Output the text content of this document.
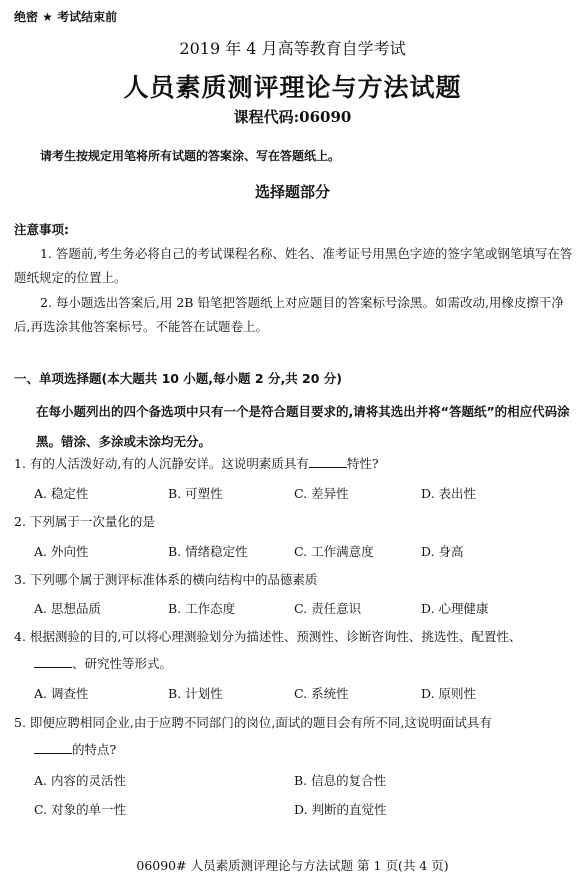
绝密 ★ 考试结束前
2019 年 4 月高等教育自学考试
人员素质测评理论与方法试题
课程代码:06090
请考生按规定用笔将所有试题的答案涂、写在答题纸上。
选择题部分
注意事项:
1. 答题前,考生务必将自己的考试课程名称、姓名、准考证号用黑色字迹的签字笔或钢笔填写在答题纸规定的位置上。
2. 每小题选出答案后,用 2B 铅笔把答题纸上对应题目的答案标号涂黑。如需改动,用橡皮擦干净后,再选涂其他答案标号。不能答在试题卷上。
一、单项选择题(本大题共 10 小题,每小题 2 分,共 20 分)
在每小题列出的四个备选项中只有一个是符合题目要求的,请将其选出并将“答题纸”的相应代码涂黑。错涂、多涂或未涂均无分。
1. 有的人活泼好动,有的人沉静安详。这说明素质具有	特性?
A. 稳定性	B. 可塑性	C. 差异性	D. 表出性
2. 下列属于一次量化的是
A. 外向性	B. 情绪稳定性	C. 工作满意度	D. 身高
3. 下列哪个属于测评标准体系的横向结构中的品德素质
A. 思想品质	B. 工作态度	C. 责任意识	D. 心理健康
4. 根据测验的目的,可以将心理测验划分为描述性、预测性、诊断咨询性、挑选性、配置性、
、研究性等形式。
A. 调查性	B. 计划性	C. 系统性	D. 原则性
5. 即便应聘相同企业,由于应聘不同部门的岗位,面试的题目会有所不同,这说明面试具有
的特点?
A. 内容的灵活性	B. 信息的复合性
C. 对象的单一性	D. 判断的直觉性
06090# 人员素质测评理论与方法试题 第 1 页(共 4 页)
